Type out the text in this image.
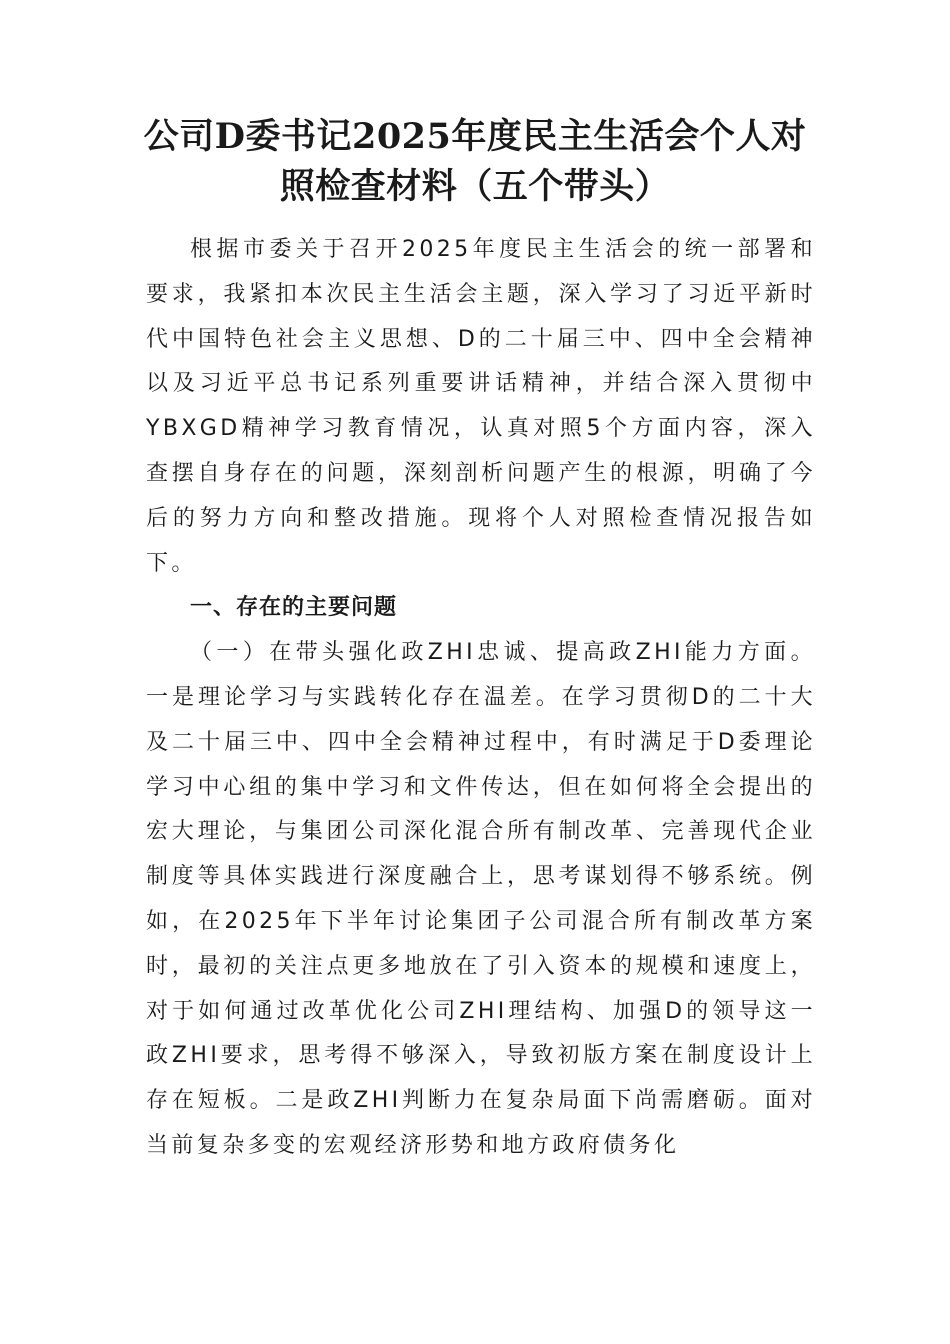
公司D委书记2025年度民主生活会个人对
照检查材料（五个带头）

根据市委关于召开2025年度民主生活会的统一部署和要求，我紧扣本次民主生活会主题，深入学习了习近平新时代中国特色社会主义思想、D的二十届三中、四中全会精神以及习近平总书记系列重要讲话精神，并结合深入贯彻中YBXGD精神学习教育情况，认真对照5个方面内容，深入查摆自身存在的问题，深刻剖析问题产生的根源，明确了今后的努力方向和整改措施。现将个人对照检查情况报告如下。

一、存在的主要问题

（一）在带头强化政ZHI忠诚、提高政ZHI能力方面。一是理论学习与实践转化存在温差。在学习贯彻D的二十大及二十届三中、四中全会精神过程中，有时满足于D委理论学习中心组的集中学习和文件传达，但在如何将全会提出的宏大理论，与集团公司深化混合所有制改革、完善现代企业制度等具体实践进行深度融合上，思考谋划得不够系统。例如，在2025年下半年讨论集团子公司混合所有制改革方案时，最初的关注点更多地放在了引入资本的规模和速度上，对于如何通过改革优化公司ZHI理结构、加强D的领导这一政ZHI要求，思考得不够深入，导致初版方案在制度设计上存在短板。二是政ZHI判断力在复杂局面下尚需磨砺。面对当前复杂多变的宏观经济形势和地方政府债务化
